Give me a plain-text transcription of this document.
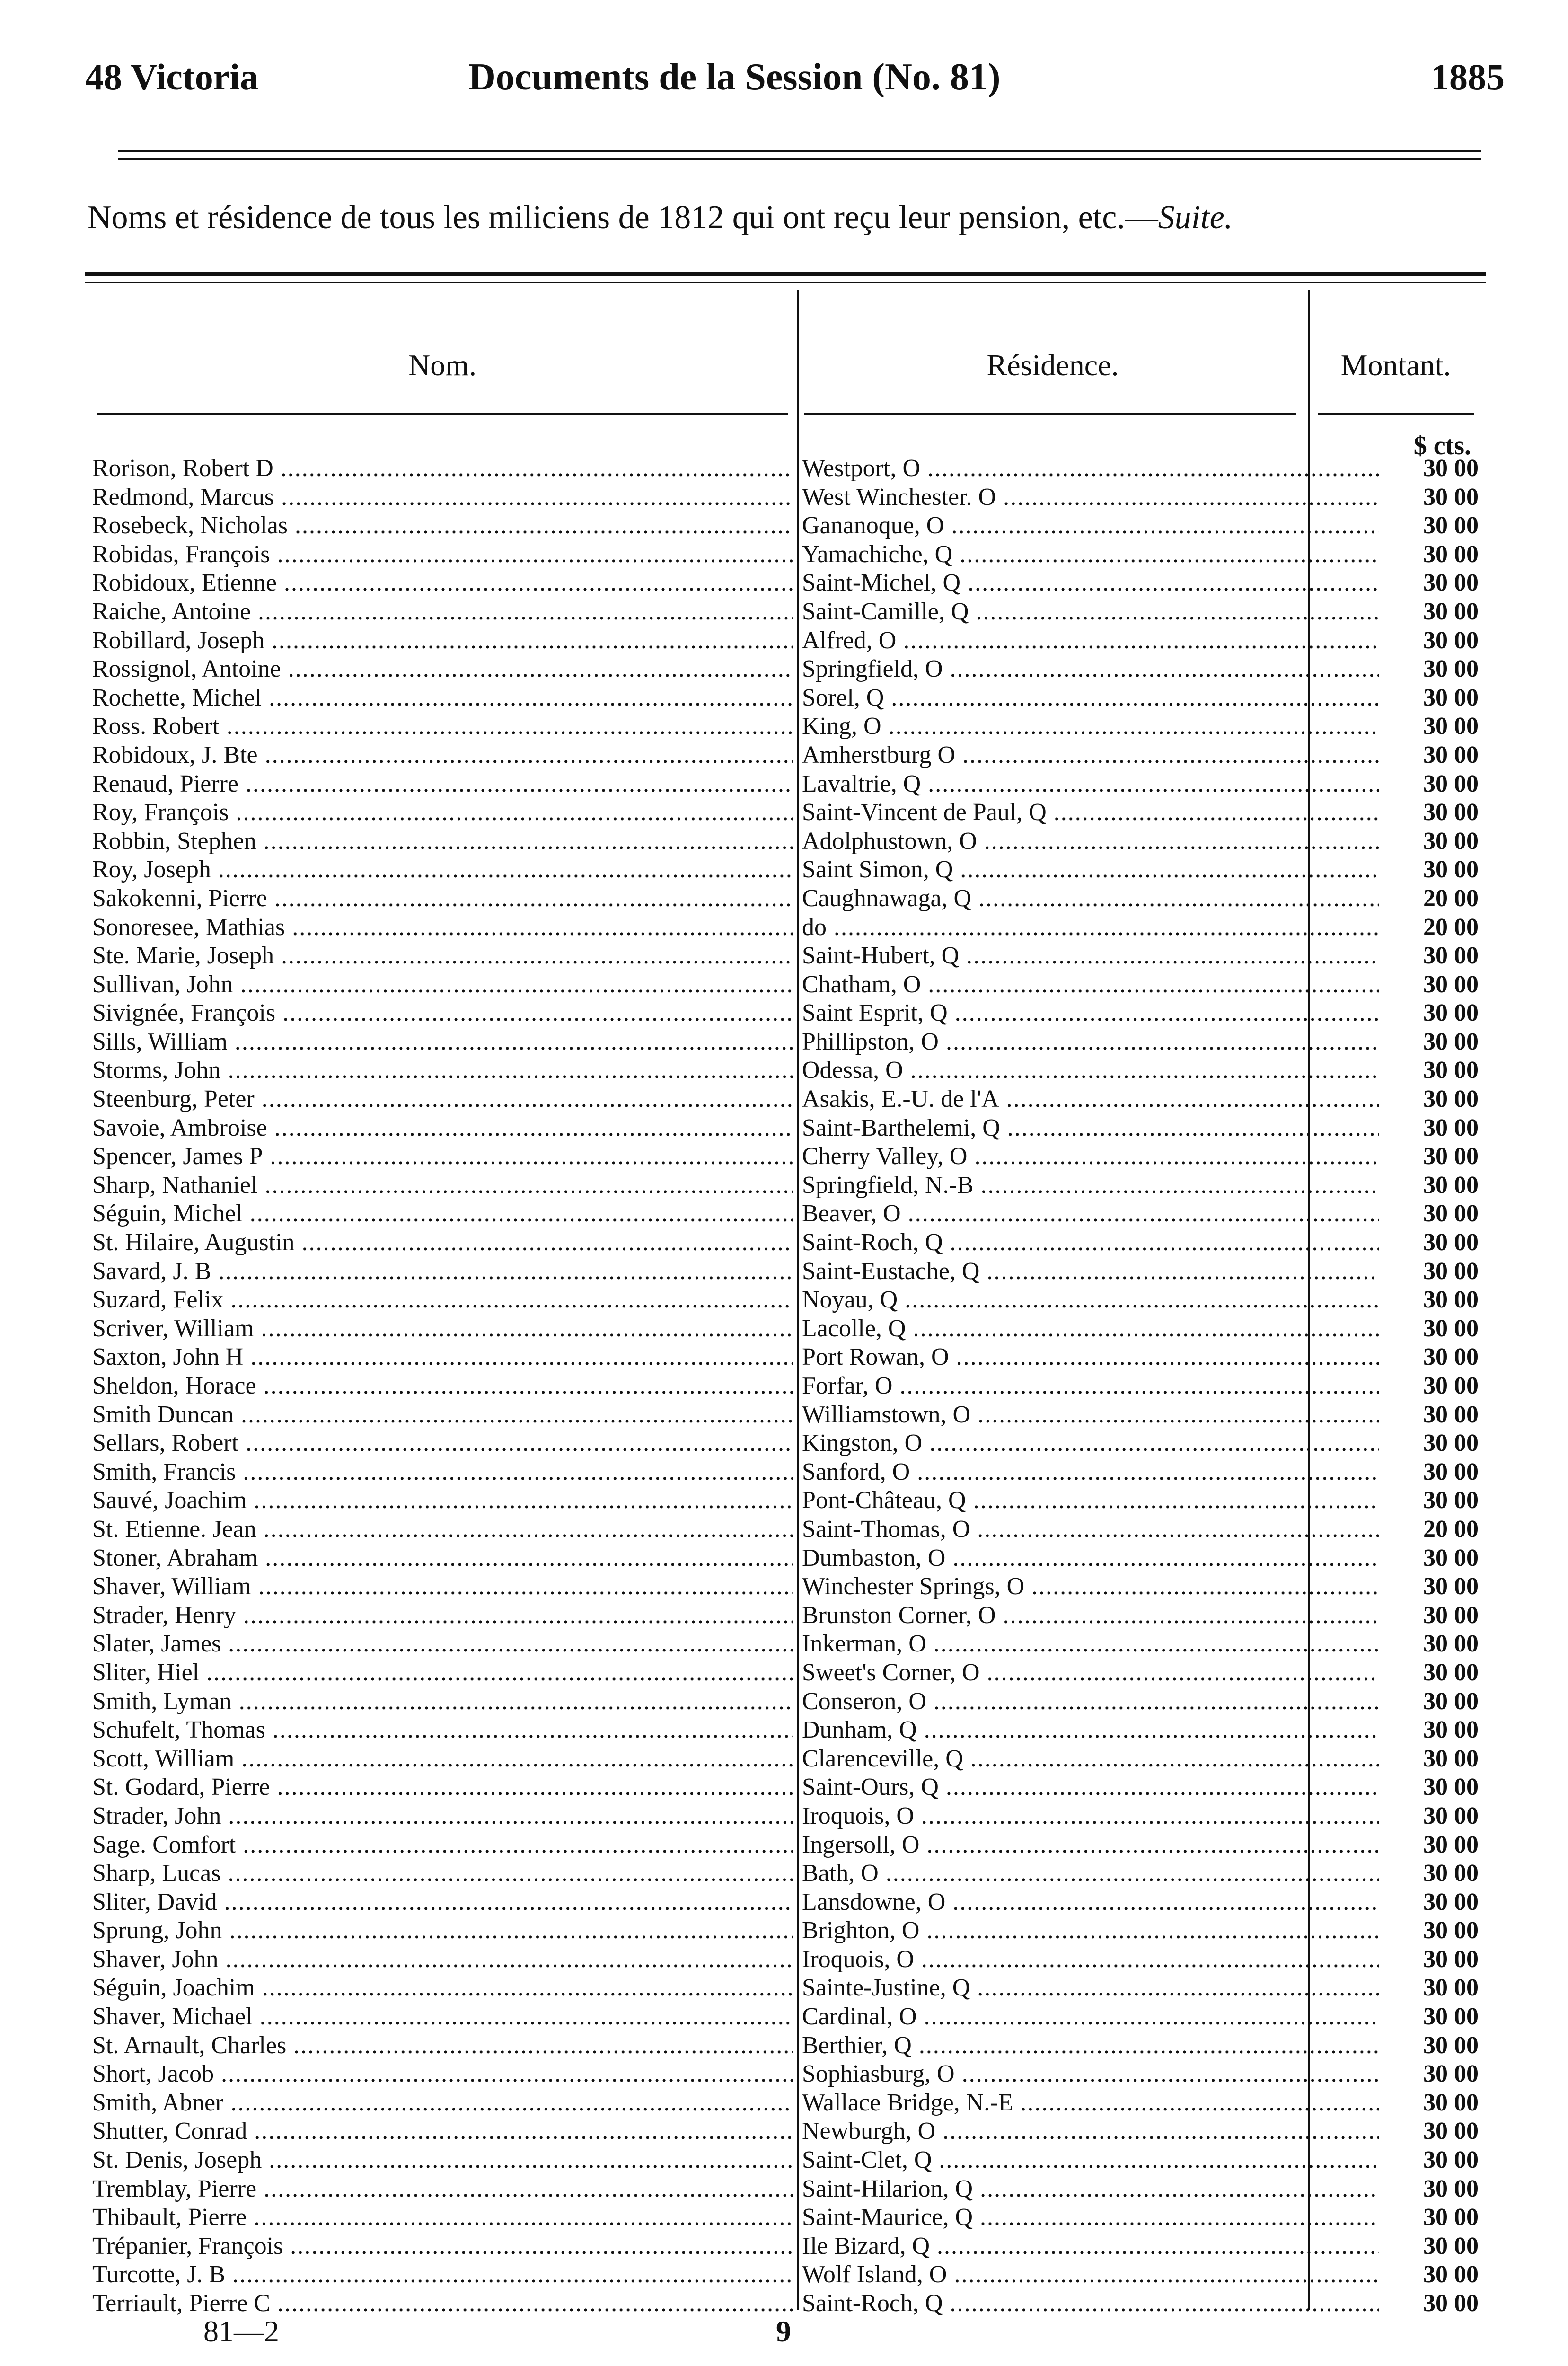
48 Victoria	Documents de la Session (No. 81)	1885
Noms et résidence de tous les miliciens de 1812 qui ont reçu leur pension, etc.—Suite.
Nom.	Résidence.	Montant.
$ cts.
Rorison, Robert D .....	Westport, O .....	30 00
Redmond, Marcus .....	West Winchester. O .....	30 00
Rosebeck, Nicholas .....	Gananoque, O .....	30 00
Robidas, François .....	Yamachiche, Q .....	30 00
Robidoux, Etienne .....	Saint-Michel, Q .....	30 00
Raiche, Antoine .....	Saint-Camille, Q .....	30 00
Robillard, Joseph .....	Alfred, O .....	30 00
Rossignol, Antoine .....	Springfield, O .....	30 00
Rochette, Michel .....	Sorel, Q .....	30 00
Ross. Robert .....	King, O .....	30 00
Robidoux, J. Bte .....	Amherstburg O .....	30 00
Renaud, Pierre .....	Lavaltrie, Q .....	30 00
Roy, François .....	Saint-Vincent de Paul, Q .....	30 00
Robbin, Stephen .....	Adolphustown, O .....	30 00
Roy, Joseph .....	Saint Simon, Q .....	30 00
Sakokenni, Pierre .....	Caughnawaga, Q .....	20 00
Sonoresee, Mathias .....	do .....	20 00
Ste. Marie, Joseph .....	Saint-Hubert, Q .....	30 00
Sullivan, John .....	Chatham, O .....	30 00
Sivignée, François .....	Saint Esprit, Q .....	30 00
Sills, William .....	Phillipston, O .....	30 00
Storms, John .....	Odessa, O .....	30 00
Steenburg, Peter .....	Asakis, E.-U. de l'A .....	30 00
Savoie, Ambroise .....	Saint-Barthelemi, Q .....	30 00
Spencer, James P .....	Cherry Valley, O .....	30 00
Sharp, Nathaniel .....	Springfield, N.-B .....	30 00
Séguin, Michel .....	Beaver, O .....	30 00
St. Hilaire, Augustin .....	Saint-Roch, Q .....	30 00
Savard, J. B .....	Saint-Eustache, Q .....	30 00
Suzard, Felix .....	Noyau, Q .....	30 00
Scriver, William .....	Lacolle, Q .....	30 00
Saxton, John H .....	Port Rowan, O .....	30 00
Sheldon, Horace .....	Forfar, O .....	30 00
Smith Duncan .....	Williamstown, O .....	30 00
Sellars, Robert .....	Kingston, O .....	30 00
Smith, Francis .....	Sanford, O .....	30 00
Sauvé, Joachim .....	Pont-Château, Q .....	30 00
St. Etienne. Jean .....	Saint-Thomas, O .....	20 00
Stoner, Abraham .....	Dumbaston, O .....	30 00
Shaver, William .....	Winchester Springs, O .....	30 00
Strader, Henry .....	Brunston Corner, O .....	30 00
Slater, James .....	Inkerman, O .....	30 00
Sliter, Hiel .....	Sweet's Corner, O .....	30 00
Smith, Lyman .....	Conseron, O .....	30 00
Schufelt, Thomas .....	Dunham, Q .....	30 00
Scott, William .....	Clarenceville, Q .....	30 00
St. Godard, Pierre .....	Saint-Ours, Q .....	30 00
Strader, John .....	Iroquois, O .....	30 00
Sage. Comfort .....	Ingersoll, O .....	30 00
Sharp, Lucas .....	Bath, O .....	30 00
Sliter, David .....	Lansdowne, O .....	30 00
Sprung, John .....	Brighton, O .....	30 00
Shaver, John .....	Iroquois, O .....	30 00
Séguin, Joachim .....	Sainte-Justine, Q .....	30 00
Shaver, Michael .....	Cardinal, O .....	30 00
St. Arnault, Charles .....	Berthier, Q .....	30 00
Short, Jacob .....	Sophiasburg, O .....	30 00
Smith, Abner .....	Wallace Bridge, N.-E .....	30 00
Shutter, Conrad .....	Newburgh, O .....	30 00
St. Denis, Joseph .....	Saint-Clet, Q .....	30 00
Tremblay, Pierre .....	Saint-Hilarion, Q .....	30 00
Thibault, Pierre .....	Saint-Maurice, Q .....	30 00
Trépanier, François .....	Ile Bizard, Q .....	30 00
Turcotte, J. B .....	Wolf Island, O .....	30 00
Terriault, Pierre C .....	Saint-Roch, Q .....	30 00
81—2	9
